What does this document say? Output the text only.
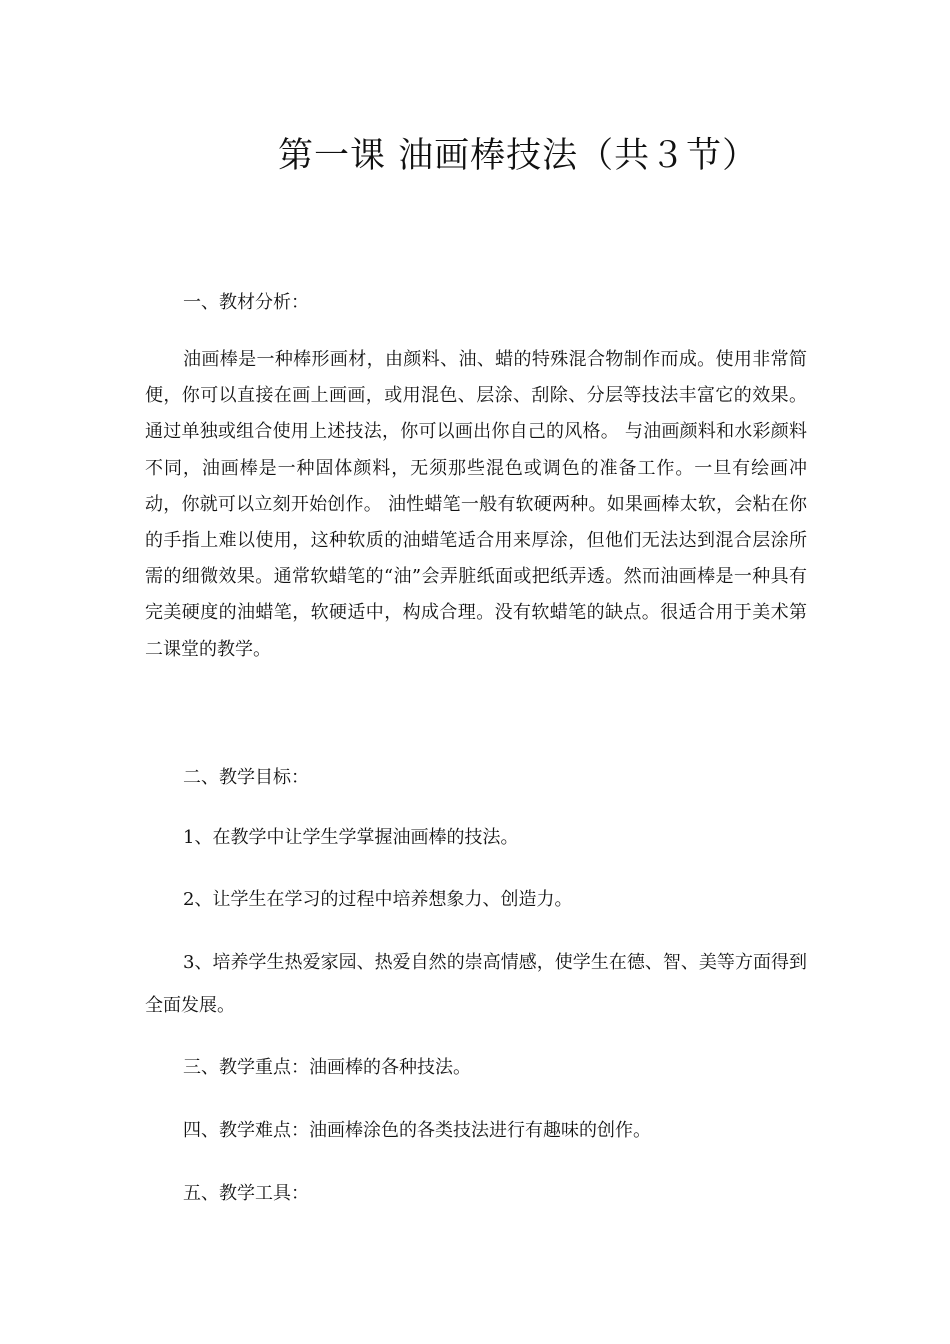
第一课 油画棒技法（共３节）
一、教材分析：

油画棒是一种棒形画材，由颜料、油、蜡的特殊混合物制作而成。使用非常简便，你可以直接在画上画画，或用混色、层涂、刮除、分层等技法丰富它的效果。通过单独或组合使用上述技法，你可以画出你自己的风格。 与油画颜料和水彩颜料不同，油画棒是一种固体颜料，无须那些混色或调色的准备工作。一旦有绘画冲动，你就可以立刻开始创作。 油性蜡笔一般有软硬两种。如果画棒太软，会粘在你的手指上难以使用，这种软质的油蜡笔适合用来厚涂，但他们无法达到混合层涂所需的细微效果。通常软蜡笔的“油”会弄脏纸面或把纸弄透。然而油画棒是一种具有完美硬度的油蜡笔，软硬适中，构成合理。没有软蜡笔的缺点。很适合用于美术第二课堂的教学。

二、教学目标：
1、在教学中让学生学掌握油画棒的技法。
2、让学生在学习的过程中培养想象力、创造力。

3、培养学生热爱家园、热爱自然的崇高情感，使学生在德、智、美等方面得到全面发展。

三、教学重点：油画棒的各种技法。
四、教学难点：油画棒涂色的各类技法进行有趣味的创作。
五、教学工具：
